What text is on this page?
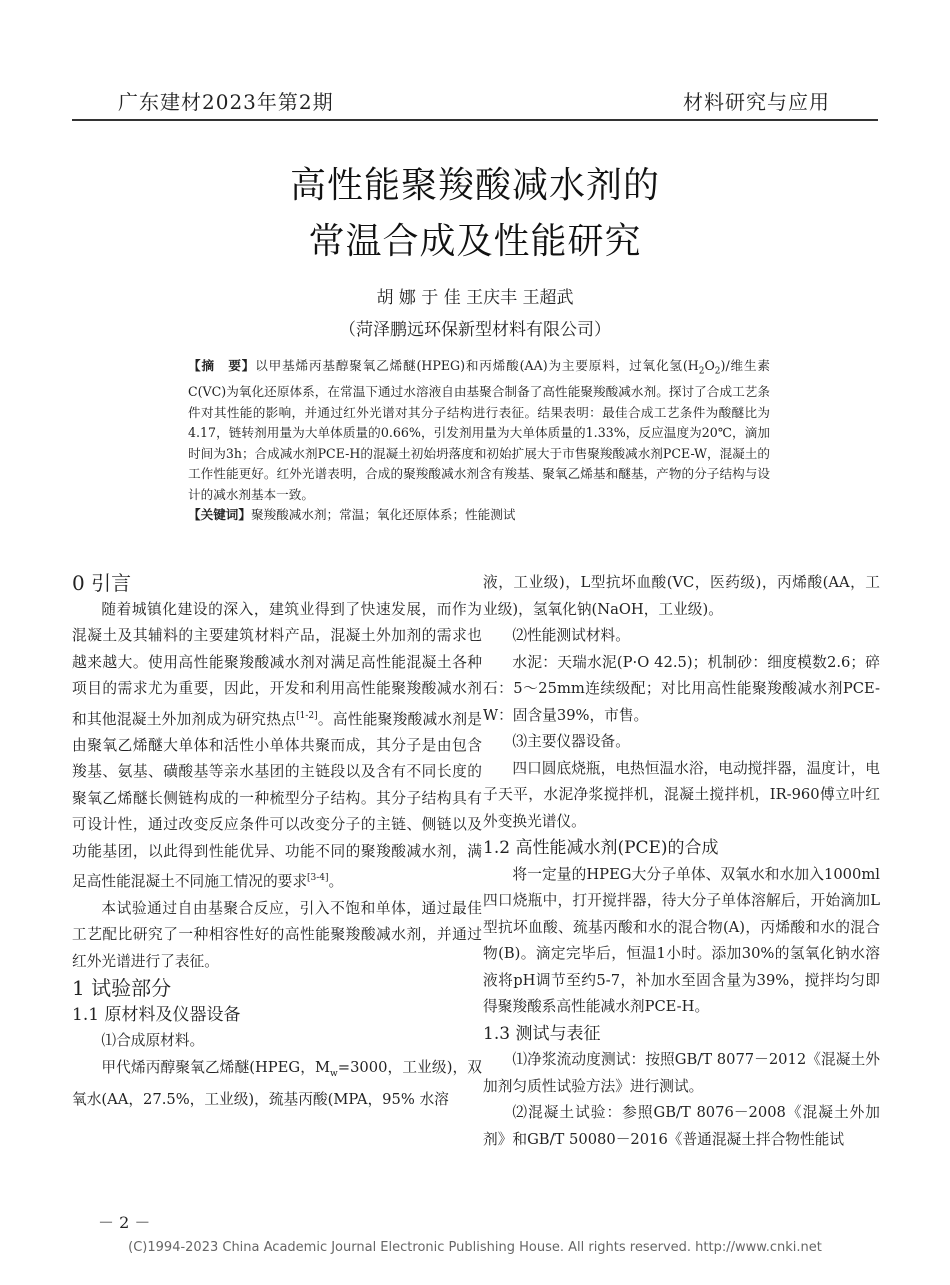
广东建材2023年第2期	材料研究与应用
高性能聚羧酸减水剂的
常温合成及性能研究
胡 娜 于 佳 王庆丰 王超武
（菏泽鹏远环保新型材料有限公司）
【摘　要】以甲基烯丙基醇聚氧乙烯醚(HPEG)和丙烯酸(AA)为主要原料，过氧化氢$(H_2O_2)/$维生素C(VC)为氧化还原体系，在常温下通过水溶液自由基聚合制备了高性能聚羧酸减水剂。探讨了合成工艺条件对其性能的影响，并通过红外光谱对其分子结构进行表征。结果表明：最佳合成工艺条件为酸醚比为4.17，链转剂用量为大单体质量的0.66%，引发剂用量为大单体质量的1.33%，反应温度为20℃，滴加时间为3h；合成减水剂PCE-H的混凝土初始坍落度和初始扩展大于市售聚羧酸减水剂PCE-W，混凝土的工作性能更好。红外光谱表明，合成的聚羧酸减水剂含有羧基、聚氧乙烯基和醚基，产物的分子结构与设计的减水剂基本一致。
【关键词】聚羧酸减水剂；常温；氧化还原体系；性能测试

0 引言

随着城镇化建设的深入，建筑业得到了快速发展，而作为混凝土及其辅料的主要建筑材料产品，混凝土外加剂的需求也越来越大。使用高性能聚羧酸减水剂对满足高性能混凝土各种项目的需求尤为重要，因此，开发和利用高性能聚羧酸减水剂和其他混凝土外加剂成为研究热点[1-2]。高性能聚羧酸减水剂是由聚氧乙烯醚大单体和活性小单体共聚而成，其分子是由包含羧基、氨基、磺酸基等亲水基团的主链段以及含有不同长度的聚氧乙烯醚长侧链构成的一种梳型分子结构。其分子结构具有可设计性，通过改变反应条件可以改变分子的主链、侧链以及功能基团，以此得到性能优异、功能不同的聚羧酸减水剂，满足高性能混凝土不同施工情况的要求[3-4]。

本试验通过自由基聚合反应，引入不饱和单体，通过最佳工艺配比研究了一种相容性好的高性能聚羧酸减水剂，并通过红外光谱进行了表征。

1 试验部分

1.1 原材料及仪器设备

⑴合成原材料。

甲代烯丙醇聚氧乙烯醚(HPEG，$M_w=3000$，工业级)，双氧水(AA，27.5%，工业级)，巯基丙酸(MPA，95% 水溶

液，工业级)，L型抗坏血酸(VC，医药级)，丙烯酸(AA，工业级)，氢氧化钠(NaOH，工业级)。

⑵性能测试材料。

水泥：天瑞水泥(P·O 42.5)；机制砂：细度模数2.6；碎石：5～25mm连续级配；对比用高性能聚羧酸减水剂PCE-W：固含量39%，市售。

⑶主要仪器设备。

四口圆底烧瓶，电热恒温水浴，电动搅拌器，温度计，电子天平，水泥净浆搅拌机，混凝土搅拌机，IR-960傅立叶红外变换光谱仪。

1.2 高性能减水剂(PCE)的合成

将一定量的HPEG大分子单体、双氧水和水加入1000ml四口烧瓶中，打开搅拌器，待大分子单体溶解后，开始滴加L型抗坏血酸、巯基丙酸和水的混合物(A)，丙烯酸和水的混合物(B)。滴定完毕后，恒温1小时。添加30%的氢氧化钠水溶液将pH调节至约5-7，补加水至固含量为39%，搅拌均匀即得聚羧酸系高性能减水剂PCE-H。

1.3 测试与表征

⑴净浆流动度测试：按照GB/T 8077－2012《混凝土外加剂匀质性试验方法》进行测试。

⑵混凝土试验：参照GB/T 8076－2008《混凝土外加剂》和GB/T 50080－2016《普通混凝土拌合物性能试

－ 2 －
(C)1994-2023 China Academic Journal Electronic Publishing House. All rights reserved. http://www.cnki.net
